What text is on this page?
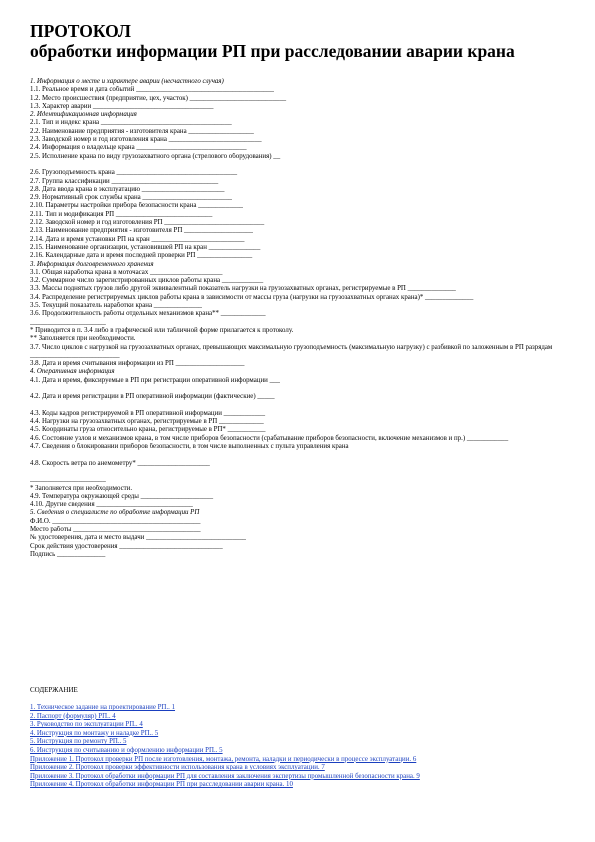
ПРОТОКОЛ
обработки информации РП при расследовании аварии крана
1. Информация о месте и характере аварии (несчастного случая)
1.1. Реальное время и дата событий ________________________________________
1.2. Место происшествия (предприятие, цех, участок) ____________________________
1.3. Характер аварии ___________________________________
2. Идентификационная информация
2.1. Тип и индекс крана ______________________________________
2.2. Наименование предприятия - изготовителя крана ___________________
2.3. Заводской номер и год изготовления крана ___________________________
2.4. Информация о владельце крана ________________________________
2.5. Исполнение крана по виду грузозахватного органа (стрелового оборудования) __
2.6. Грузоподъемность крана ___________________________________
2.7. Группа классификации _______________________________
2.8. Дата ввода крана в эксплуатацию ________________________
2.9. Нормативный срок службы крана __________________________
2.10. Параметры настройки прибора безопасности крана _____________
2.11. Тип и модификация РП ____________________________
2.12. Заводской номер и год изготовления РП _____________________________
2.13. Наименование предприятия - изготовителя РП ____________________
2.14. Дата и время установки РП на кран ___________________________
2.15. Наименование организации, установившей РП на кран _______________
2.16. Календарные дата и время последней проверки РП ________________
3. Информация долговременного хранения
3.1. Общая наработка крана в моточасах _____________________
3.2. Суммарное число зарегистрированных циклов работы крана ____________
3.3. Массы поднятых грузов либо другой эквивалентный показатель нагрузки на грузозахватных органах, регистрируемые в РП ______________
3.4. Распределение регистрируемых циклов работы крана в зависимости от массы груза (нагрузки на грузозахватных органах крана)* ______________
3.5. Текущий показатель наработки крана ______________
3.6. Продолжительность работы отдельных механизмов крана** _____________
______________________
* Приводится в п. 3.4 либо в графической или табличной форме прилагается к протоколу.
** Заполняется при необходимости.
3.7. Число циклов с нагрузкой на грузозахватных органах, превышающих максимальную грузоподъемность (максимальную нагрузку) с разбивкой по заложенным в РП разрядам __________________________
3.8. Дата и время считывания информации из РП ____________________
4. Оперативная информация
4.1. Дата и время, фиксируемые в РП при регистрации оперативной информации ___
4.2. Дата и время регистрации в РП оперативной информации (фактические) _____
4.3. Коды кадров регистрируемой в РП оперативной информации ____________
4.4. Нагрузки на грузозахватных органах, регистрируемые в РП _____________
4.5. Координаты груза относительно крана, регистрируемые в РП* ___________
4.6. Состояние узлов и механизмов крана, в том числе приборов безопасности (срабатывание приборов безопасности, включение механизмов и пр.) ____________
4.7. Сведения о блокировании приборов безопасности, в том числе выполненных с пульта управления крана
4.8. Скорость ветра по анемометру* _____________________
______________________
* Заполняется при необходимости.
4.9. Температура окружающей среды _____________________
4.10. Другие сведения ____________________________
5. Сведения о специалисте по обработке информации РП
Ф.И.О. ___________________________________________
Место работы _____________________________________
№ удостоверения, дата и место выдачи _____________________________
Срок действия удостоверения ______________________________
Подпись ______________
СОДЕРЖАНИЕ
1. Техническое задание на проектирование РП.. 1
2. Паспорт (формуляр) РП.. 4
3. Руководство по эксплуатации РП.. 4
4. Инструкция по монтажу и наладке РП.. 5
5. Инструкция по ремонту РП.. 5
6. Инструкция по считыванию и оформлению информации РП.. 5
Приложение 1. Протокол проверки РП после изготовления, монтажа, ремонта, наладки и периодически в процессе эксплуатации. 6
Приложение 2. Протокол проверки эффективности использования крана в условиях эксплуатации. 7
Приложение 3. Протокол обработки информации РП для составления заключения экспертизы промышленной безопасности крана. 9
Приложение 4. Протокол обработки информации РП при расследовании аварии крана. 10
